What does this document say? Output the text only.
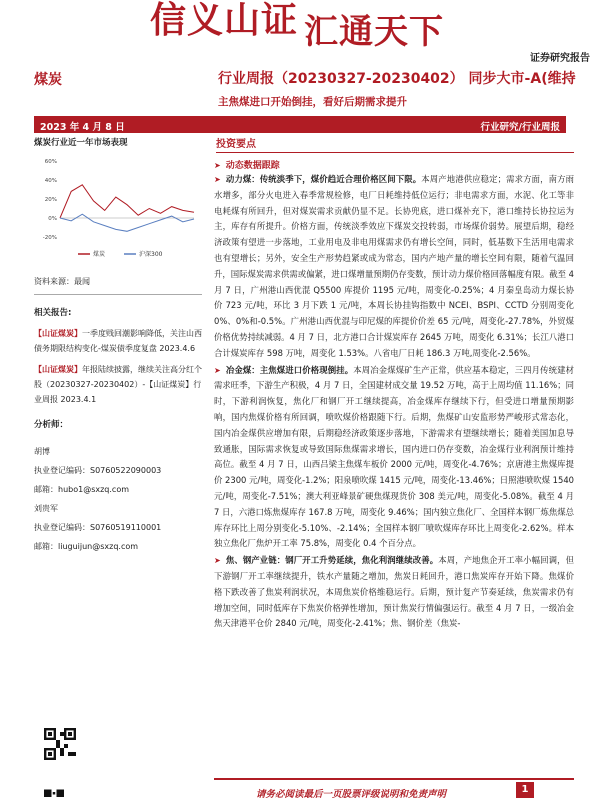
信义山证 汇通天下
证券研究报告
煤炭	行业周报（20230327-20230402） 同步大市-A(维持
主焦煤进口开始倒挂，看好后期需求提升
2023 年 4 月 8 日	行业研究/行业周报
煤炭行业近一年市场表现
60%
40%
20%
0%
-20%
煤炭	沪深300
资料来源：最闻
相关报告:
【山证煤炭】一季度贱回潮影响降低，关注山西债务期限结构变化-煤炭债季度复盘 2023.4.6
【山证煤炭】年报陆续披露，继续关注高分红个股（20230327-20230402）-【山证煤炭】行业周报 2023.4.1
分析师：
胡博
执业登记编码：S0760522090003
邮箱：hubo1@sxzq.com
刘贵军
执业登记编码：S0760519110001
邮箱：liuguijun@sxzq.com
投资要点
➤ 动态数据跟踪

➤ 动力煤：传统淡季下，煤价趋近合理价格区间下限。本周产地港供应稳定；需求方面，南方雨水增多，部分火电进入春季常规检修，电厂日耗维持低位运行；非电需求方面，水泥、化工等非电耗煤有所回升，但对煤炭需求贡献仍显不足。长协兜底，进口煤补充下，港口维持长协拉运为主，库存有所提升。价格方面，传统淡季效应下煤炭交投转弱，市场煤价弱势。展望后期，稳经济政策有望进一步落地，工业用电及非电用煤需求仍有增长空间，同时，低基数下生活用电需求也有望增长；另外，安全生产形势趋紧或成为常态，国内产地产量的增长空间有限，随着气温回升，国际煤炭需求供需或偏紧，进口煤增量预期仍存变数，预计动力煤价格回落幅度有限。截至 4 月 7 日，广州港山西优混 Q5500 库提价 1195 元/吨，周变化-0.25%；4 月秦皇岛动力煤长协价 723 元/吨，环比 3 月下跌 1 元/吨，本周长协挂钩指数中 NCEI、BSPI、CCTD 分别周变化 0%、0%和-0.5%。广州港山西优混与印尼煤的库提价价差 65 元/吨，周变化-27.78%，外贸煤价格优势持续减弱。4 月 7 日，北方港口合计煤炭库存 2645 万吨，周变化 6.31%；长江八港口合计煤炭库存 598 万吨，周变化 1.53%。八省电厂日耗 186.3 万吨,周变化-2.56%。

➤ 冶金煤：主焦煤进口价格现倒挂。本周冶金煤煤矿生产正常，供应基本稳定，三四月传统建材需求旺季，下游生产积极，4 月 7 日，全国建材成交量 19.52 万吨，高于上周均值 11.16%；同时，下游利润恢复，焦化厂和钢厂开工继续提高，冶金煤库存继续下行，但受进口增量预期影响，国内焦煤价格有所回调，喷吹煤价格跟随下行。后期，焦煤矿山安监形势严峻形式常态化，国内冶金煤供应增加有限，后期稳经济政策逐步落地，下游需求有望继续增长；随着美国加息导致通胀，国际需求恢复或导致国际焦煤需求增长，国内进口仍存变数，冶金煤行业利润预计维持高位。截至 4 月 7 日，山西吕梁主焦煤车板价 2000 元/吨，周变化-4.76%；京唐港主焦煤库提价 2300 元/吨，周变化-1.2%；阳泉喷吹煤 1415 元/吨，周变化-13.46%；日照港喷吹煤 1540 元/吨，周变化-7.51%；澳大利亚峰景矿硬焦煤现货价 308 美元/吨，周变化-5.08%。截至 4 月 7 日，六港口炼焦煤库存 167.8 万吨，周变化 9.46%；国内独立焦化厂、全国样本钢厂炼焦煤总库存环比上周分别变化-5.10%、-2.14%；全国样本钢厂喷吹煤库存环比上周变化-2.62%。样本独立焦化厂焦炉开工率 75.8%，周变化 0.4 个百分点。

➤ 焦、钢产业链：钢厂开工升势延续，焦化利润继续改善。本周，产地焦企开工率小幅回调，但下游钢厂开工率继续提升，铁水产量随之增加，焦炭日耗回升，港口焦炭库存开始下降。焦煤价格下跌改善了焦炭利润状况，本周焦炭价格维稳运行。后期，预计复产节奏延续，焦炭需求仍有增加空间，同时低库存下焦炭价格弹性增加，预计焦炭行情偏强运行。截至 4 月 7 日，一级冶金焦天津港平仓价 2840 元/吨，周变化-2.41%；焦、钢价差（焦炭-

请务必阅读最后一页股票评级说明和免责声明	1
